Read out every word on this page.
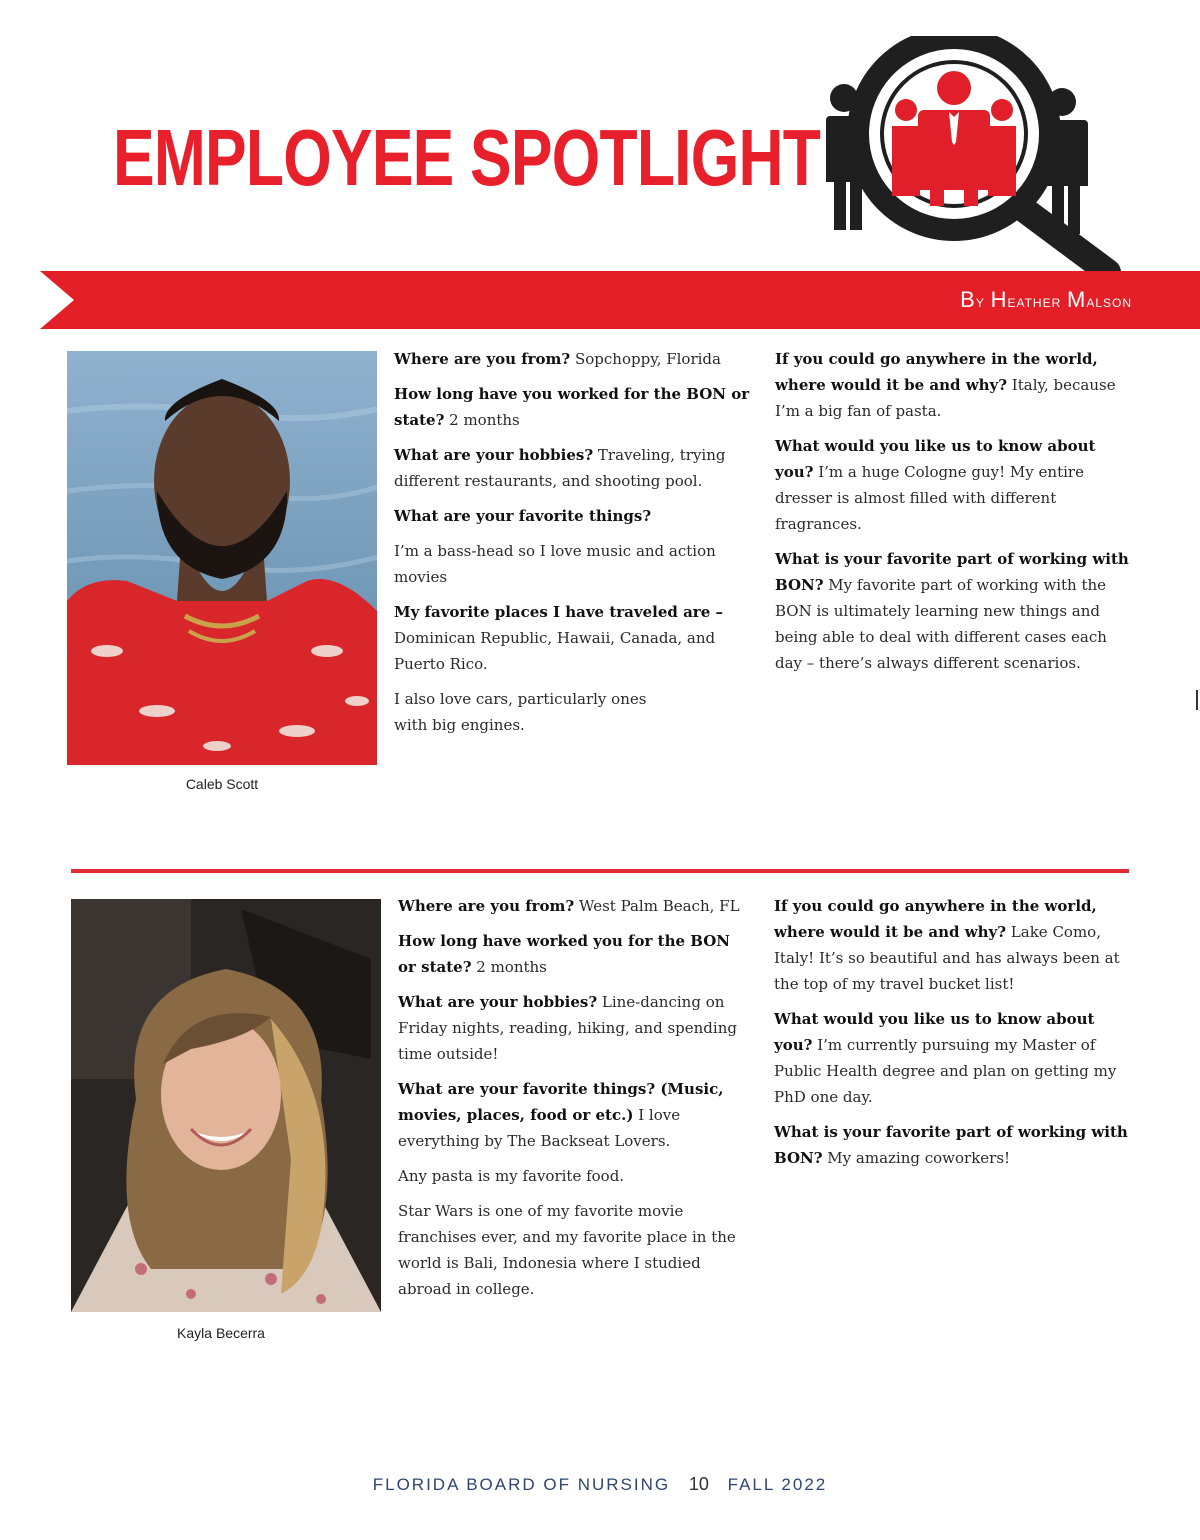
EMPLOYEE SPOTLIGHT
By Heather Malson
Caleb Scott

Where are you from? Sopchoppy, Florida

How long have you worked for the BON or state? 2 months

What are your hobbies? Traveling, trying different restaurants, and shooting pool.

What are your favorite things?

I’m a bass-head so I love music and action movies

My favorite places I have traveled are – Dominican Republic, Hawaii, Canada, and Puerto Rico.

I also love cars, particularly ones with big engines.

If you could go anywhere in the world, where would it be and why? Italy, because I’m a big fan of pasta.

What would you like us to know about you? I’m a huge Cologne guy! My entire dresser is almost filled with different fragrances.

What is your favorite part of working with BON? My favorite part of working with the BON is ultimately learning new things and being able to deal with different cases each day – there’s always different scenarios.

Kayla Becerra

Where are you from? West Palm Beach, FL

How long have worked you for the BON or state? 2 months

What are your hobbies? Line-dancing on Friday nights, reading, hiking, and spending time outside!

What are your favorite things? (Music, movies, places, food or etc.) I love everything by The Backseat Lovers.

Any pasta is my favorite food.

Star Wars is one of my favorite movie franchises ever, and my favorite place in the world is Bali, Indonesia where I studied abroad in college.

If you could go anywhere in the world, where would it be and why? Lake Como, Italy! It’s so beautiful and has always been at the top of my travel bucket list!

What would you like us to know about you? I’m currently pursuing my Master of Public Health degree and plan on getting my PhD one day.

What is your favorite part of working with BON? My amazing coworkers!

FLORIDA BOARD OF NURSING 10 FALL 2022
